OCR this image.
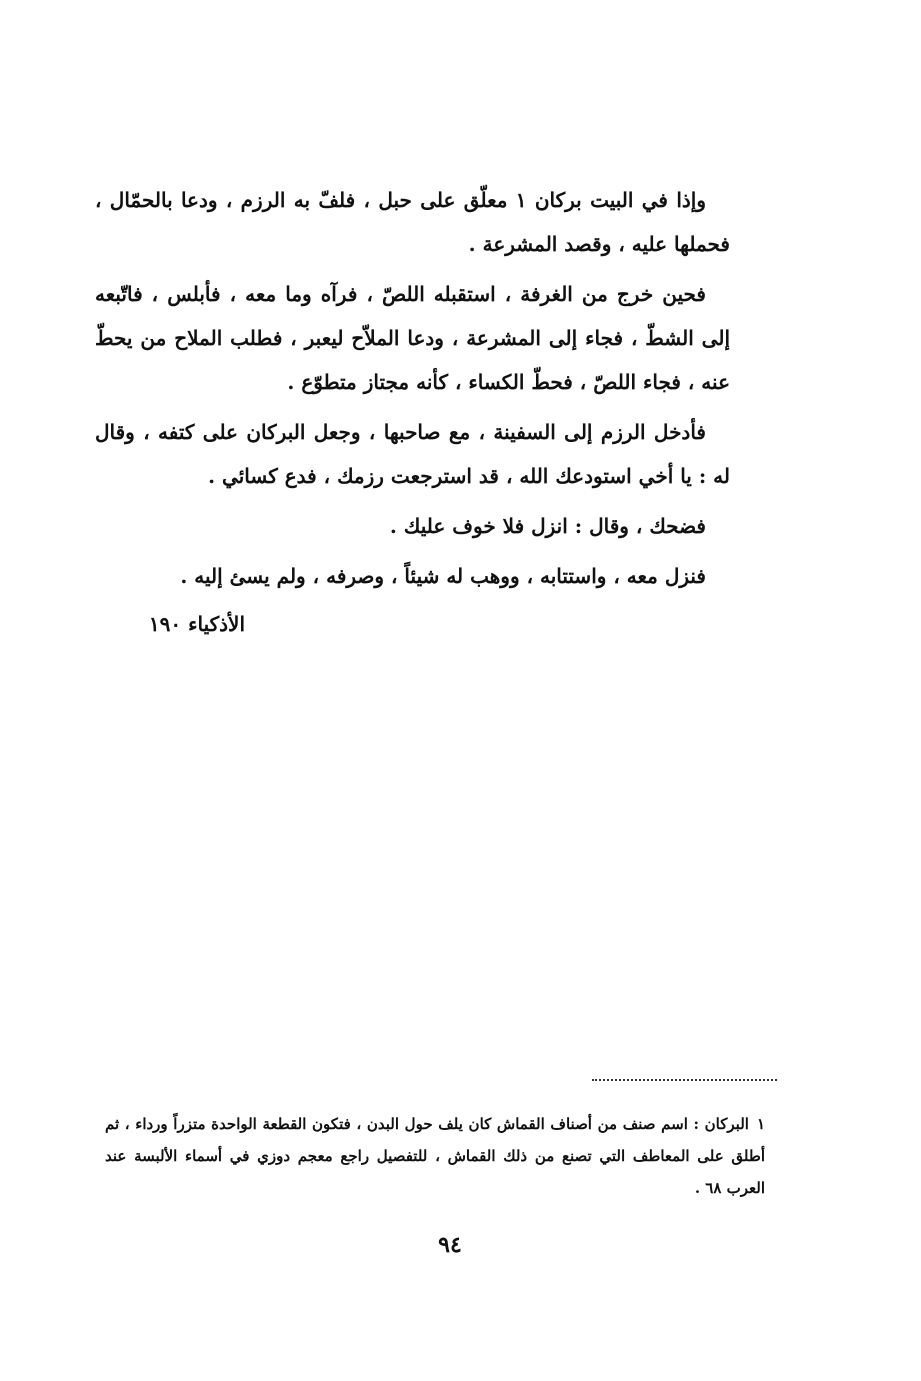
وإذا في البيت بركان ١ معلّق على حبل ، فلفّ به الرزم ، ودعا بالحمّال ، فحملها عليه ، وقصد المشرعة .

فحين خرج من الغرفة ، استقبله اللصّ ، فرآه وما معه ، فأبلس ، فاتّبعه إلى الشطّ ، فجاء إلى المشرعة ، ودعا الملاّح ليعبر ، فطلب الملاح من يحطّ عنه ، فجاء اللصّ ، فحطّ الكساء ، كأنه مجتاز متطوّع .

فأدخل الرزم إلى السفينة ، مع صاحبها ، وجعل البركان على كتفه ، وقال له : يا أخي استودعك الله ، قد استرجعت رزمك ، فدع كسائي .

فضحك ، وقال : انزل فلا خوف عليك .

فنزل معه ، واستتابه ، ووهب له شيئاً ، وصرفه ، ولم يسئ إليه .

الأذكياء ١٩٠
١البركان : اسم صنف من أصناف القماش كان يلف حول البدن ، فتكون القطعة الواحدة متزراً ورداء ، ثم أطلق على المعاطف التي تصنع من ذلك القماش ، للتفصيل راجع معجم دوزي في أسماء الألبسة عند العرب ٦٨ .
٩٤
